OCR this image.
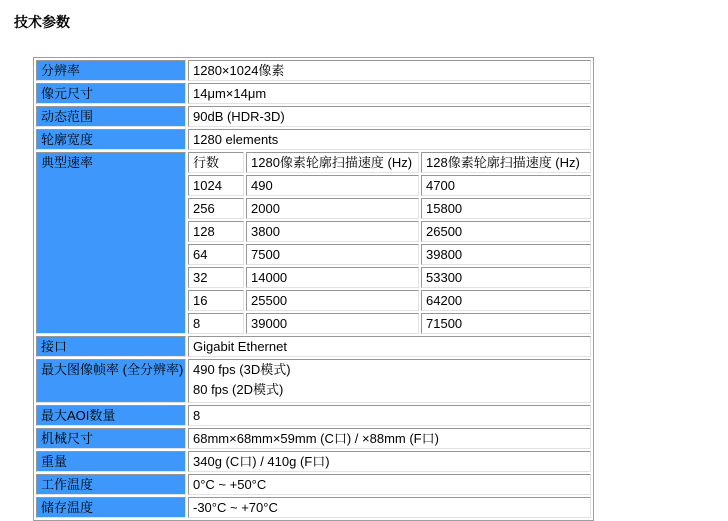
技术参数
分辨率	1280×1024像素		
像元尺寸	14μm×14μm		
动态范围	90dB (HDR-3D)		
轮廓宽度	1280 elements		
典型速率	行数	1280像素轮廓扫描速度 (Hz)	128像素轮廓扫描速度 (Hz)
	1024	490	4700
	256	2000	15800
	128	3800	26500
	64	7500	39800
	32	14000	53300
	16	25500	64200
	8	39000	71500
接口	Gigabit Ethernet		
最大图像帧率 (全分辨率)	490 fps (3D模式)
80 fps (2D模式)		

最大AOI数量	8		
机械尺寸	68mm×68mm×59mm (C口) / ×88mm (F口)		
重量	340g (C口) / 410g (F口)		
工作温度	0°C ~ +50°C		
储存温度	-30°C ~ +70°C		
